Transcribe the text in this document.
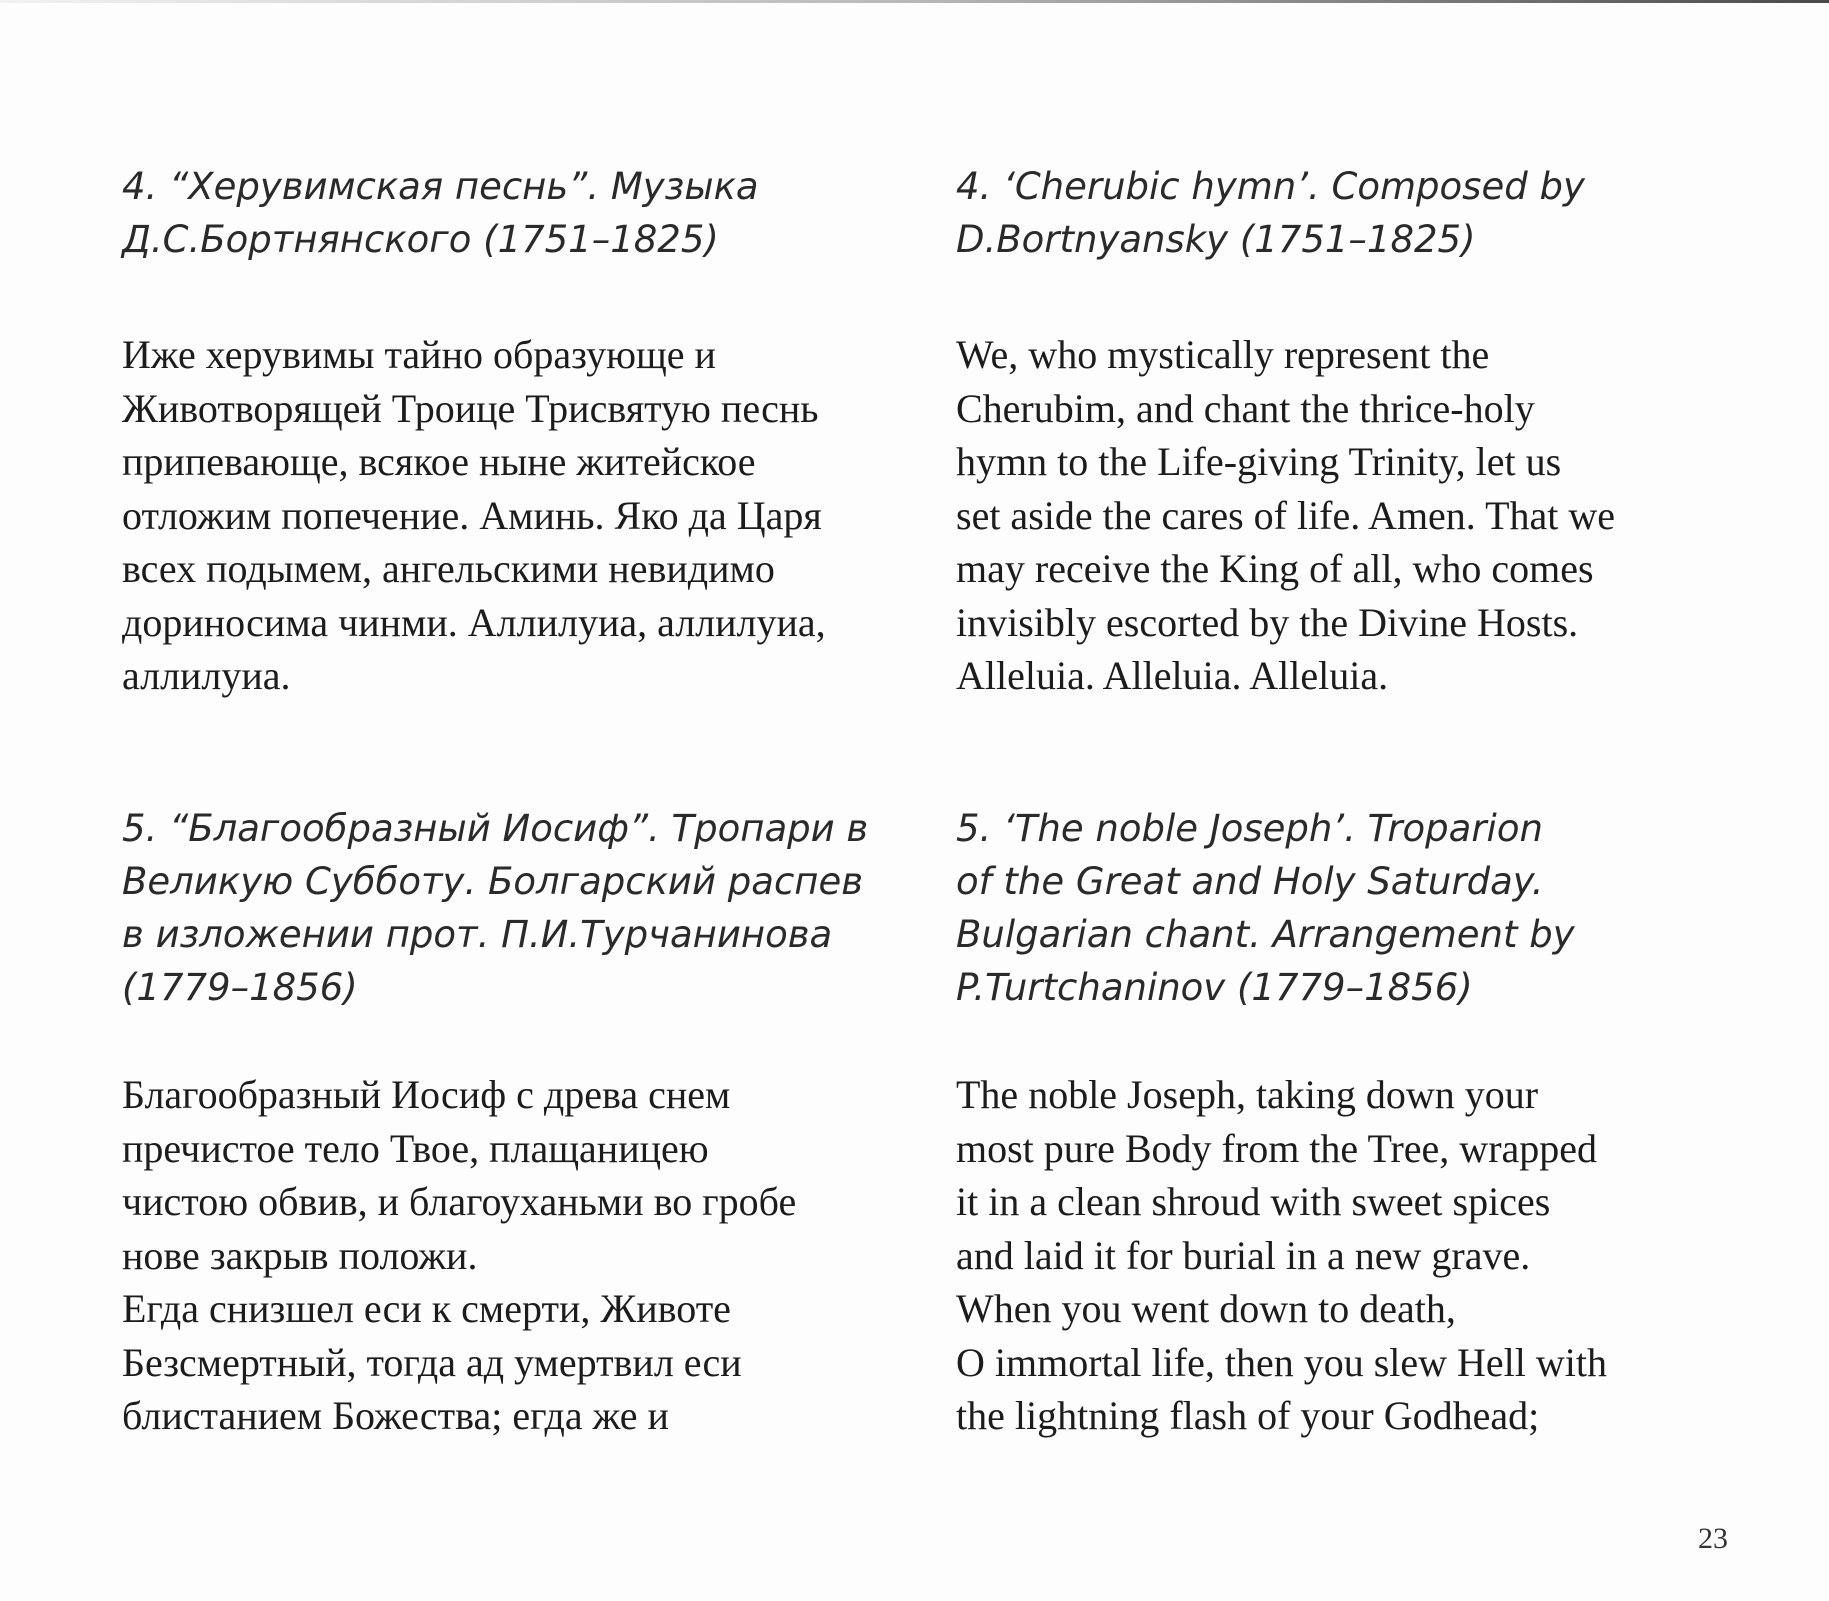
4. “Херувимская песнь”. Музыка
Д.С.Бортнянского (1751–1825)

Иже херувимы тайно образующе и
Животворящей Троице Трисвятую песнь
припевающе, всякое ныне житейское
отложим попечение. Аминь. Яко да Царя
всех подымем, ангельскими невидимо
дориносима чинми. Аллилуиа, аллилуиа,
аллилуиа.

5. “Благообразный Иосиф”. Тропари в
Великую Субботу. Болгарский распев
в изложении прот. П.И.Турчанинова
(1779–1856)

Благообразный Иосиф с древа снем
пречистое тело Твое, плащаницею
чистою обвив, и благоуханьми во гробе
нове закрыв положи.
Егда снизшел еси к смерти, Животе
Безсмертный, тогда ад умертвил еси
блистанием Божества; егда же и

4. ‘Cherubic hymn’. Composed by
D.Bortnyansky (1751–1825)

We, who mystically represent the
Cherubim, and chant the thrice-holy
hymn to the Life-giving Trinity, let us
set aside the cares of life. Amen. That we
may receive the King of all, who comes
invisibly escorted by the Divine Hosts.
Alleluia. Alleluia. Alleluia.

5. ‘The noble Joseph’. Troparion
of the Great and Holy Saturday.
Bulgarian chant. Arrangement by
P.Turtchaninov (1779–1856)

The noble Joseph, taking down your
most pure Body from the Tree, wrapped
it in a clean shroud with sweet spices
and laid it for burial in a new grave.
When you went down to death,
O immortal life, then you slew Hell with
the lightning flash of your Godhead;

23
